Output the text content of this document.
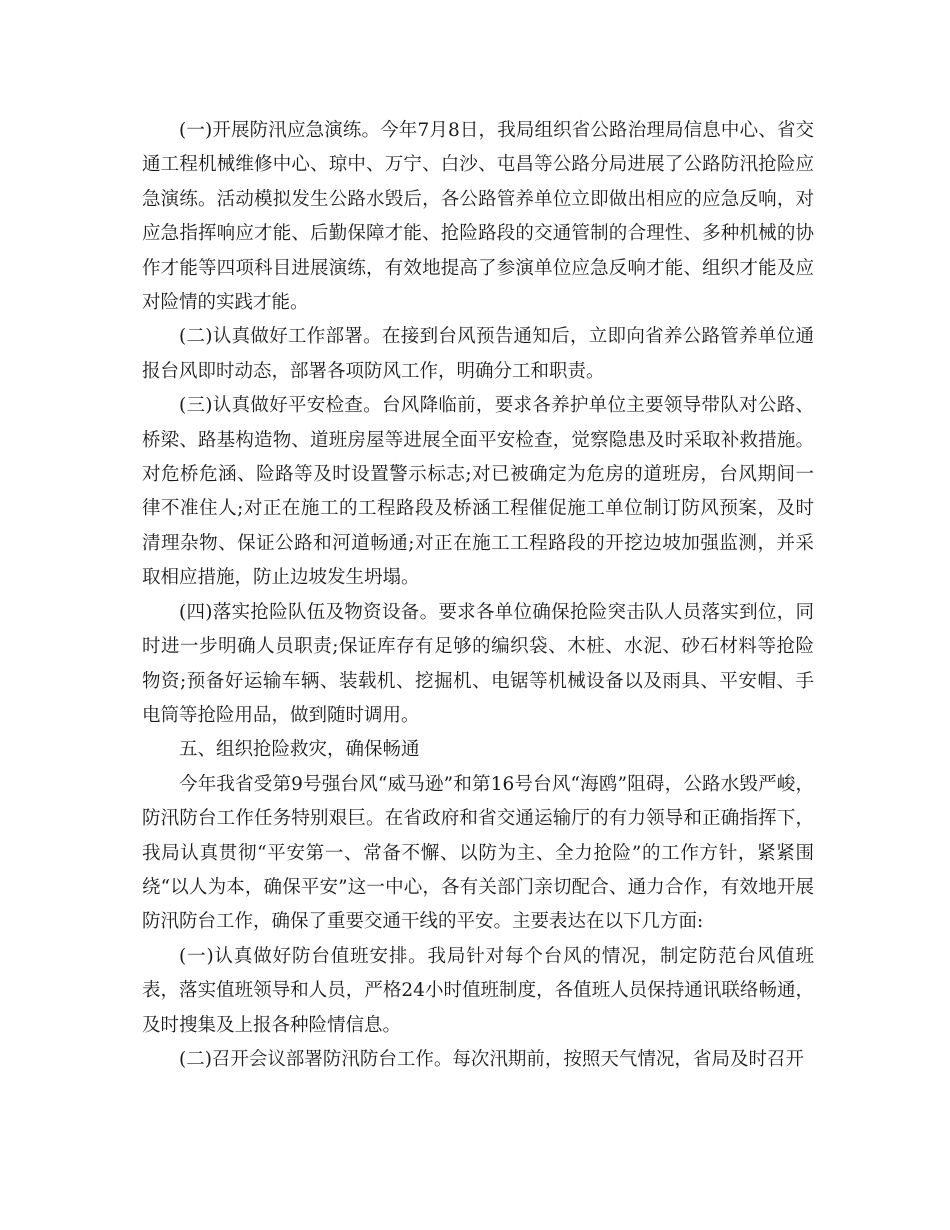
(一)开展防汛应急演练。今年7月8日，我局组织省公路治理局信息中心、省交通工程机械维修中心、琼中、万宁、白沙、屯昌等公路分局进展了公路防汛抢险应急演练。活动模拟发生公路水毁后，各公路管养单位立即做出相应的应急反响，对应急指挥响应才能、后勤保障才能、抢险路段的交通管制的合理性、多种机械的协作才能等四项科目进展演练，有效地提高了参演单位应急反响才能、组织才能及应对险情的实践才能。

(二)认真做好工作部署。在接到台风预告通知后，立即向省养公路管养单位通报台风即时动态，部署各项防风工作，明确分工和职责。

(三)认真做好平安检查。台风降临前，要求各养护单位主要领导带队对公路、桥梁、路基构造物、道班房屋等进展全面平安检查，觉察隐患及时采取补救措施。对危桥危涵、险路等及时设置警示标志;对已被确定为危房的道班房，台风期间一律不准住人;对正在施工的工程路段及桥涵工程催促施工单位制订防风预案，及时清理杂物、保证公路和河道畅通;对正在施工工程路段的开挖边坡加强监测，并采取相应措施，防止边坡发生坍塌。

(四)落实抢险队伍及物资设备。要求各单位确保抢险突击队人员落实到位，同时进一步明确人员职责;保证库存有足够的编织袋、木桩、水泥、砂石材料等抢险物资;预备好运输车辆、装载机、挖掘机、电锯等机械设备以及雨具、平安帽、手电筒等抢险用品，做到随时调用。

五、组织抢险救灾，确保畅通

今年我省受第9号强台风“威马逊”和第16号台风“海鸥”阻碍，公路水毁严峻，防汛防台工作任务特别艰巨。在省政府和省交通运输厅的有力领导和正确指挥下，我局认真贯彻“平安第一、常备不懈、以防为主、全力抢险”的工作方针，紧紧围绕“以人为本，确保平安”这一中心，各有关部门亲切配合、通力合作，有效地开展防汛防台工作，确保了重要交通干线的平安。主要表达在以下几方面:

(一)认真做好防台值班安排。我局针对每个台风的情况，制定防范台风值班表，落实值班领导和人员，严格24小时值班制度，各值班人员保持通讯联络畅通，及时搜集及上报各种险情信息。

(二)召开会议部署防汛防台工作。每次汛期前，按照天气情况，省局及时召开
